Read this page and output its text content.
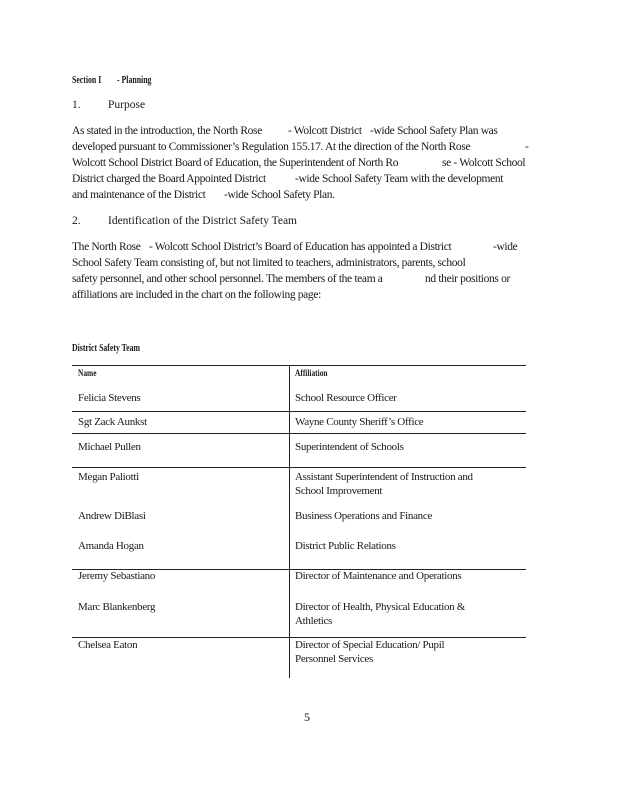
Section I - Planning
1. Purpose
As stated in the introduction, the North Rose - Wolcott District -wide School Safety Plan was
developed pursuant to Commissioner’s Regulation 155.17. At the direction of the North Rose	-
Wolcott School District Board of Education, the Superintendent of North Ro	se - Wolcott School
District charged the Board Appointed District	-wide School Safety Team with the development
and maintenance of the District -wide School Safety Plan.
2. Identification of the District Safety Team
The North Rose - Wolcott School District’s Board of Education has appointed a District	-wide
School Safety Team consisting of, but not limited to teachers, administrators, parents, school
safety personnel, and other school personnel. The members of the team a	nd their positions or
affiliations are included in the chart on the following page:
District Safety Team
Name	Affiliation
Felicia Stevens	School Resource Officer
Sgt Zack Aunkst	Wayne County Sheriff’s Office
Michael Pullen	Superintendent of Schools
Megan Paliotti	Assistant Superintendent of Instruction and
School Improvement
Andrew DiBlasi	Business Operations and Finance
Amanda Hogan	District Public Relations
Jeremy Sebastiano	Director of Maintenance and Operations
Marc Blankenberg	Director of Health, Physical Education &
Athletics
Chelsea Eaton	Director of Special Education/ Pupil
Personnel Services
5
